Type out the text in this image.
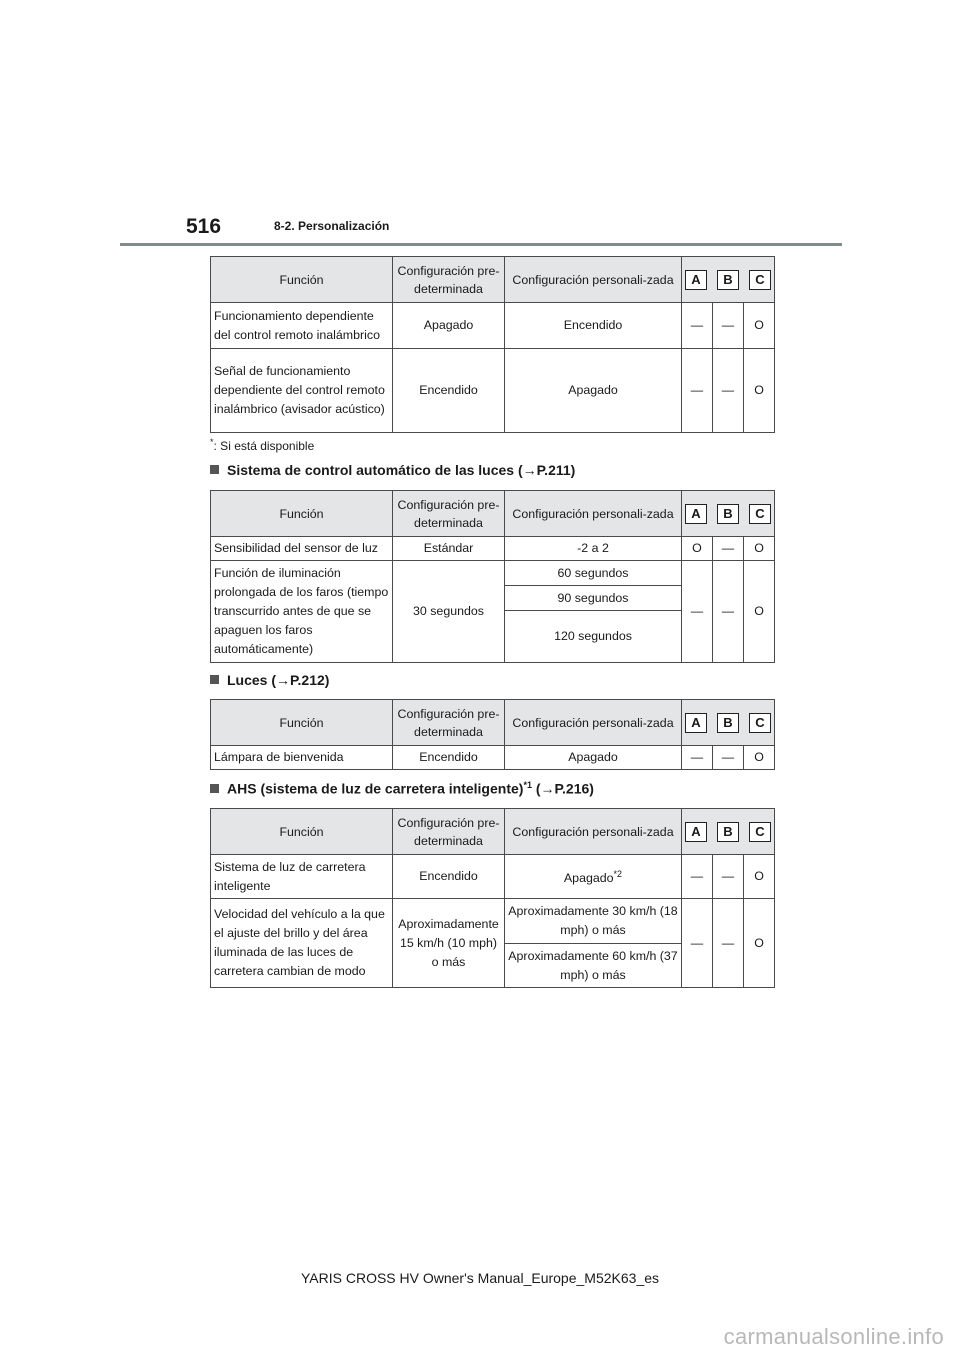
516	8-2. Personalización
Función	Configuración pre-determinada	Configuración personali-zada	A B C		

Funcionamiento dependiente del control remoto inalámbrico	Apagado	Encendido	—	—	O
Señal de funcionamiento dependiente del control remoto inalámbrico (avisador acústico)	Encendido	Apagado	—	—	O
*: Si está disponible
Sistema de control automático de las luces (→P.211)
Función	Configuración pre-determinada	Configuración personali-zada	A B C		

Sensibilidad del sensor de luz	Estándar	-2 a 2	O	—	O
Función de iluminación prolongada de los faros (tiempo transcurrido antes de que se apaguen los faros automáticamente)	30 segundos	60 segundos	—	—	O
		90 segundos			
		120 segundos			
Luces (→P.212)
Función	Configuración pre-determinada	Configuración personali-zada	A B C		

Lámpara de bienvenida	Encendido	Apagado	—	—	O
AHS (sistema de luz de carretera inteligente)$^{*1}$ (→P.216)
Función	Configuración pre-determinada	Configuración personali-zada	A B C		

Sistema de luz de carretera inteligente	Encendido	Apagado$^{*2}$	—	—	O
Velocidad del vehículo a la que el ajuste del brillo y del área iluminada de las luces de carretera cambian de modo	Aproximadamente 15 km/h (10 mph) o más	Aproximadamente 30 km/h (18 mph) o más	—	—	O
		Aproximadamente 60 km/h (37 mph) o más			
YARIS CROSS HV Owner's Manual_Europe_M52K63_es
carmanualsonline.info
